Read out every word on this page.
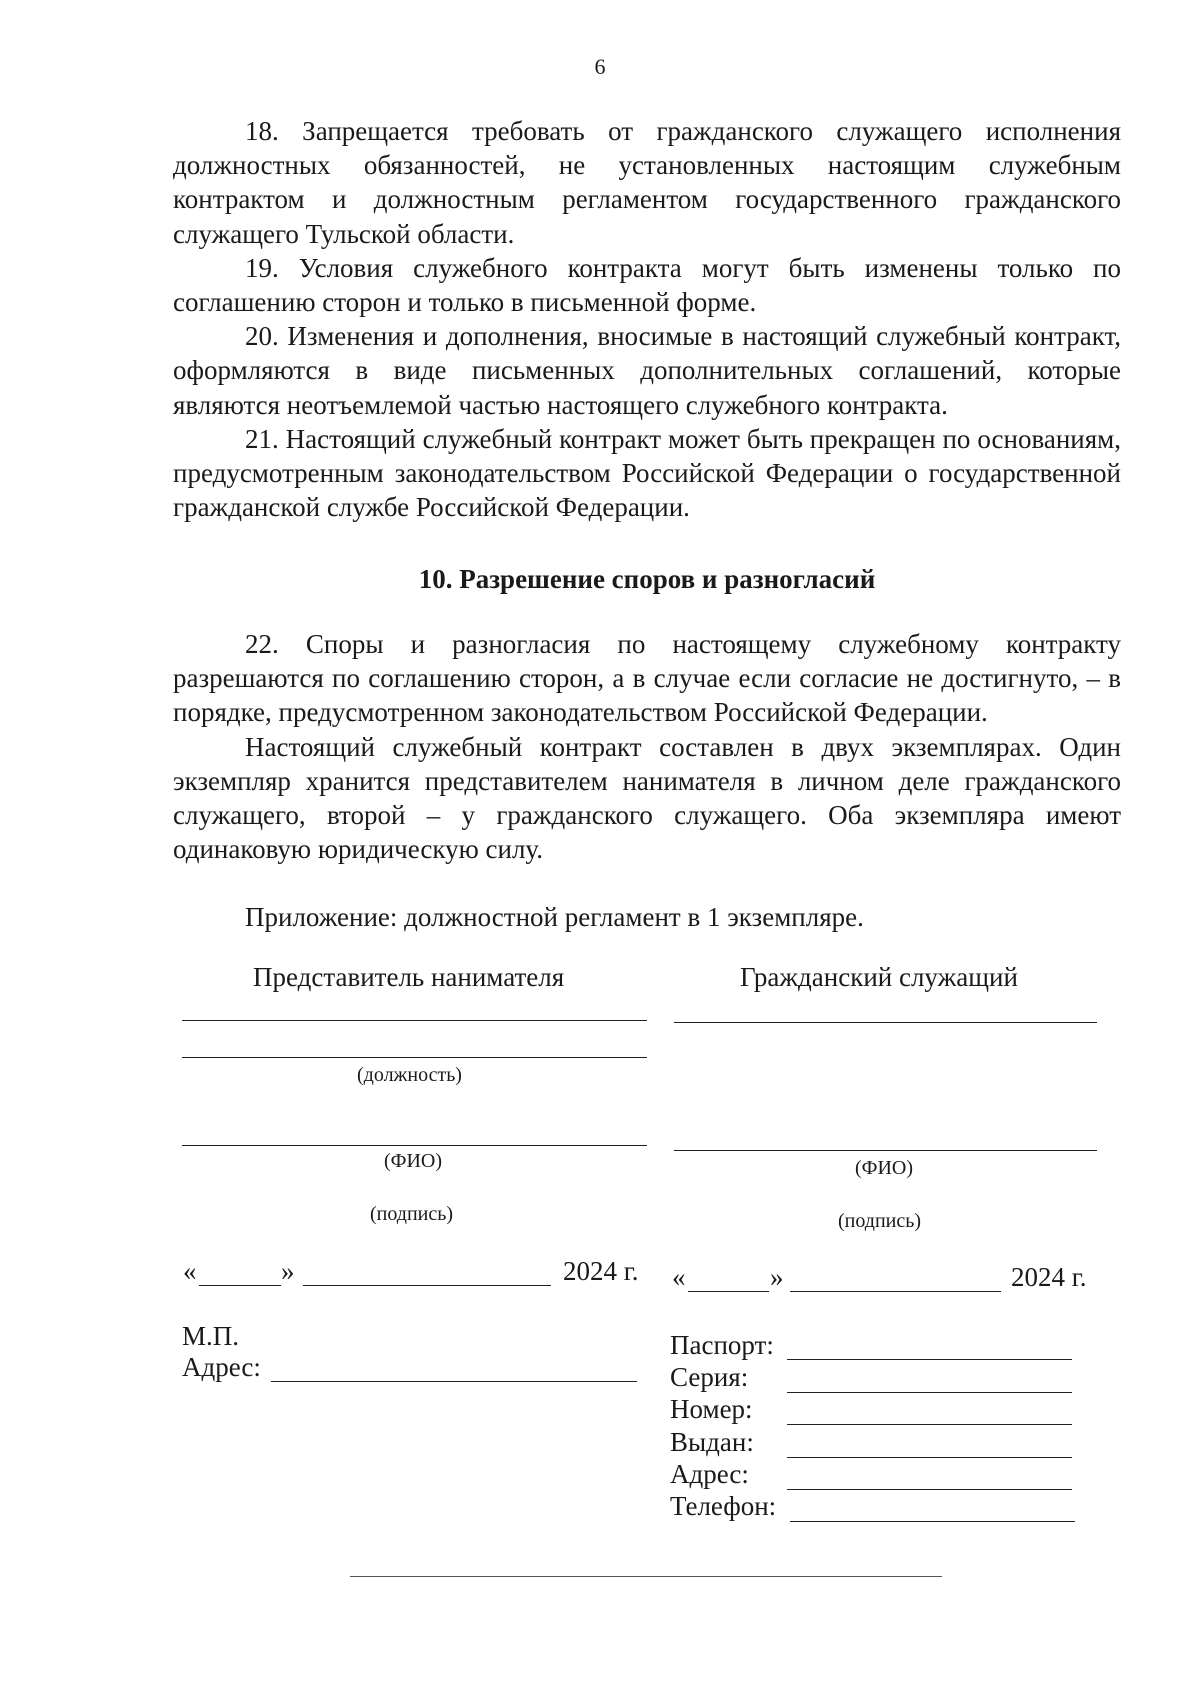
6

18. Запрещается требовать от гражданского служащего исполнения должностных обязанностей, не установленных настоящим служебным контрактом и должностным регламентом государственного гражданского служащего Тульской области.

19. Условия служебного контракта могут быть изменены только по соглашению сторон и только в письменной форме.

20. Изменения и дополнения, вносимые в настоящий служебный контракт, оформляются в виде письменных дополнительных соглашений, которые являются неотъемлемой частью настоящего служебного контракта.

21. Настоящий служебный контракт может быть прекращен по основаниям, предусмотренным законодательством Российской Федерации о государственной гражданской службе Российской Федерации.

10. Разрешение споров и разногласий

22. Споры и разногласия по настоящему служебному контракту разрешаются по соглашению сторон, а в случае если согласие не достигнуто, – в порядке, предусмотренном законодательством Российской Федерации.

Настоящий служебный контракт составлен в двух экземплярах. Один экземпляр хранится представителем нанимателя в личном деле гражданского служащего, второй – у гражданского служащего. Оба экземпляра имеют одинаковую юридическую силу.

Приложение: должностной регламент в 1 экземпляре.
Представитель нанимателя
(должность)
(ФИО)
(подпись)
«	»	2024 г.
М.П.
Адрес:
Гражданский служащий
(ФИО)
(подпись)
«	»	2024 г.
Паспорт:
Серия:
Номер:
Выдан:
Адрес:
Телефон:
